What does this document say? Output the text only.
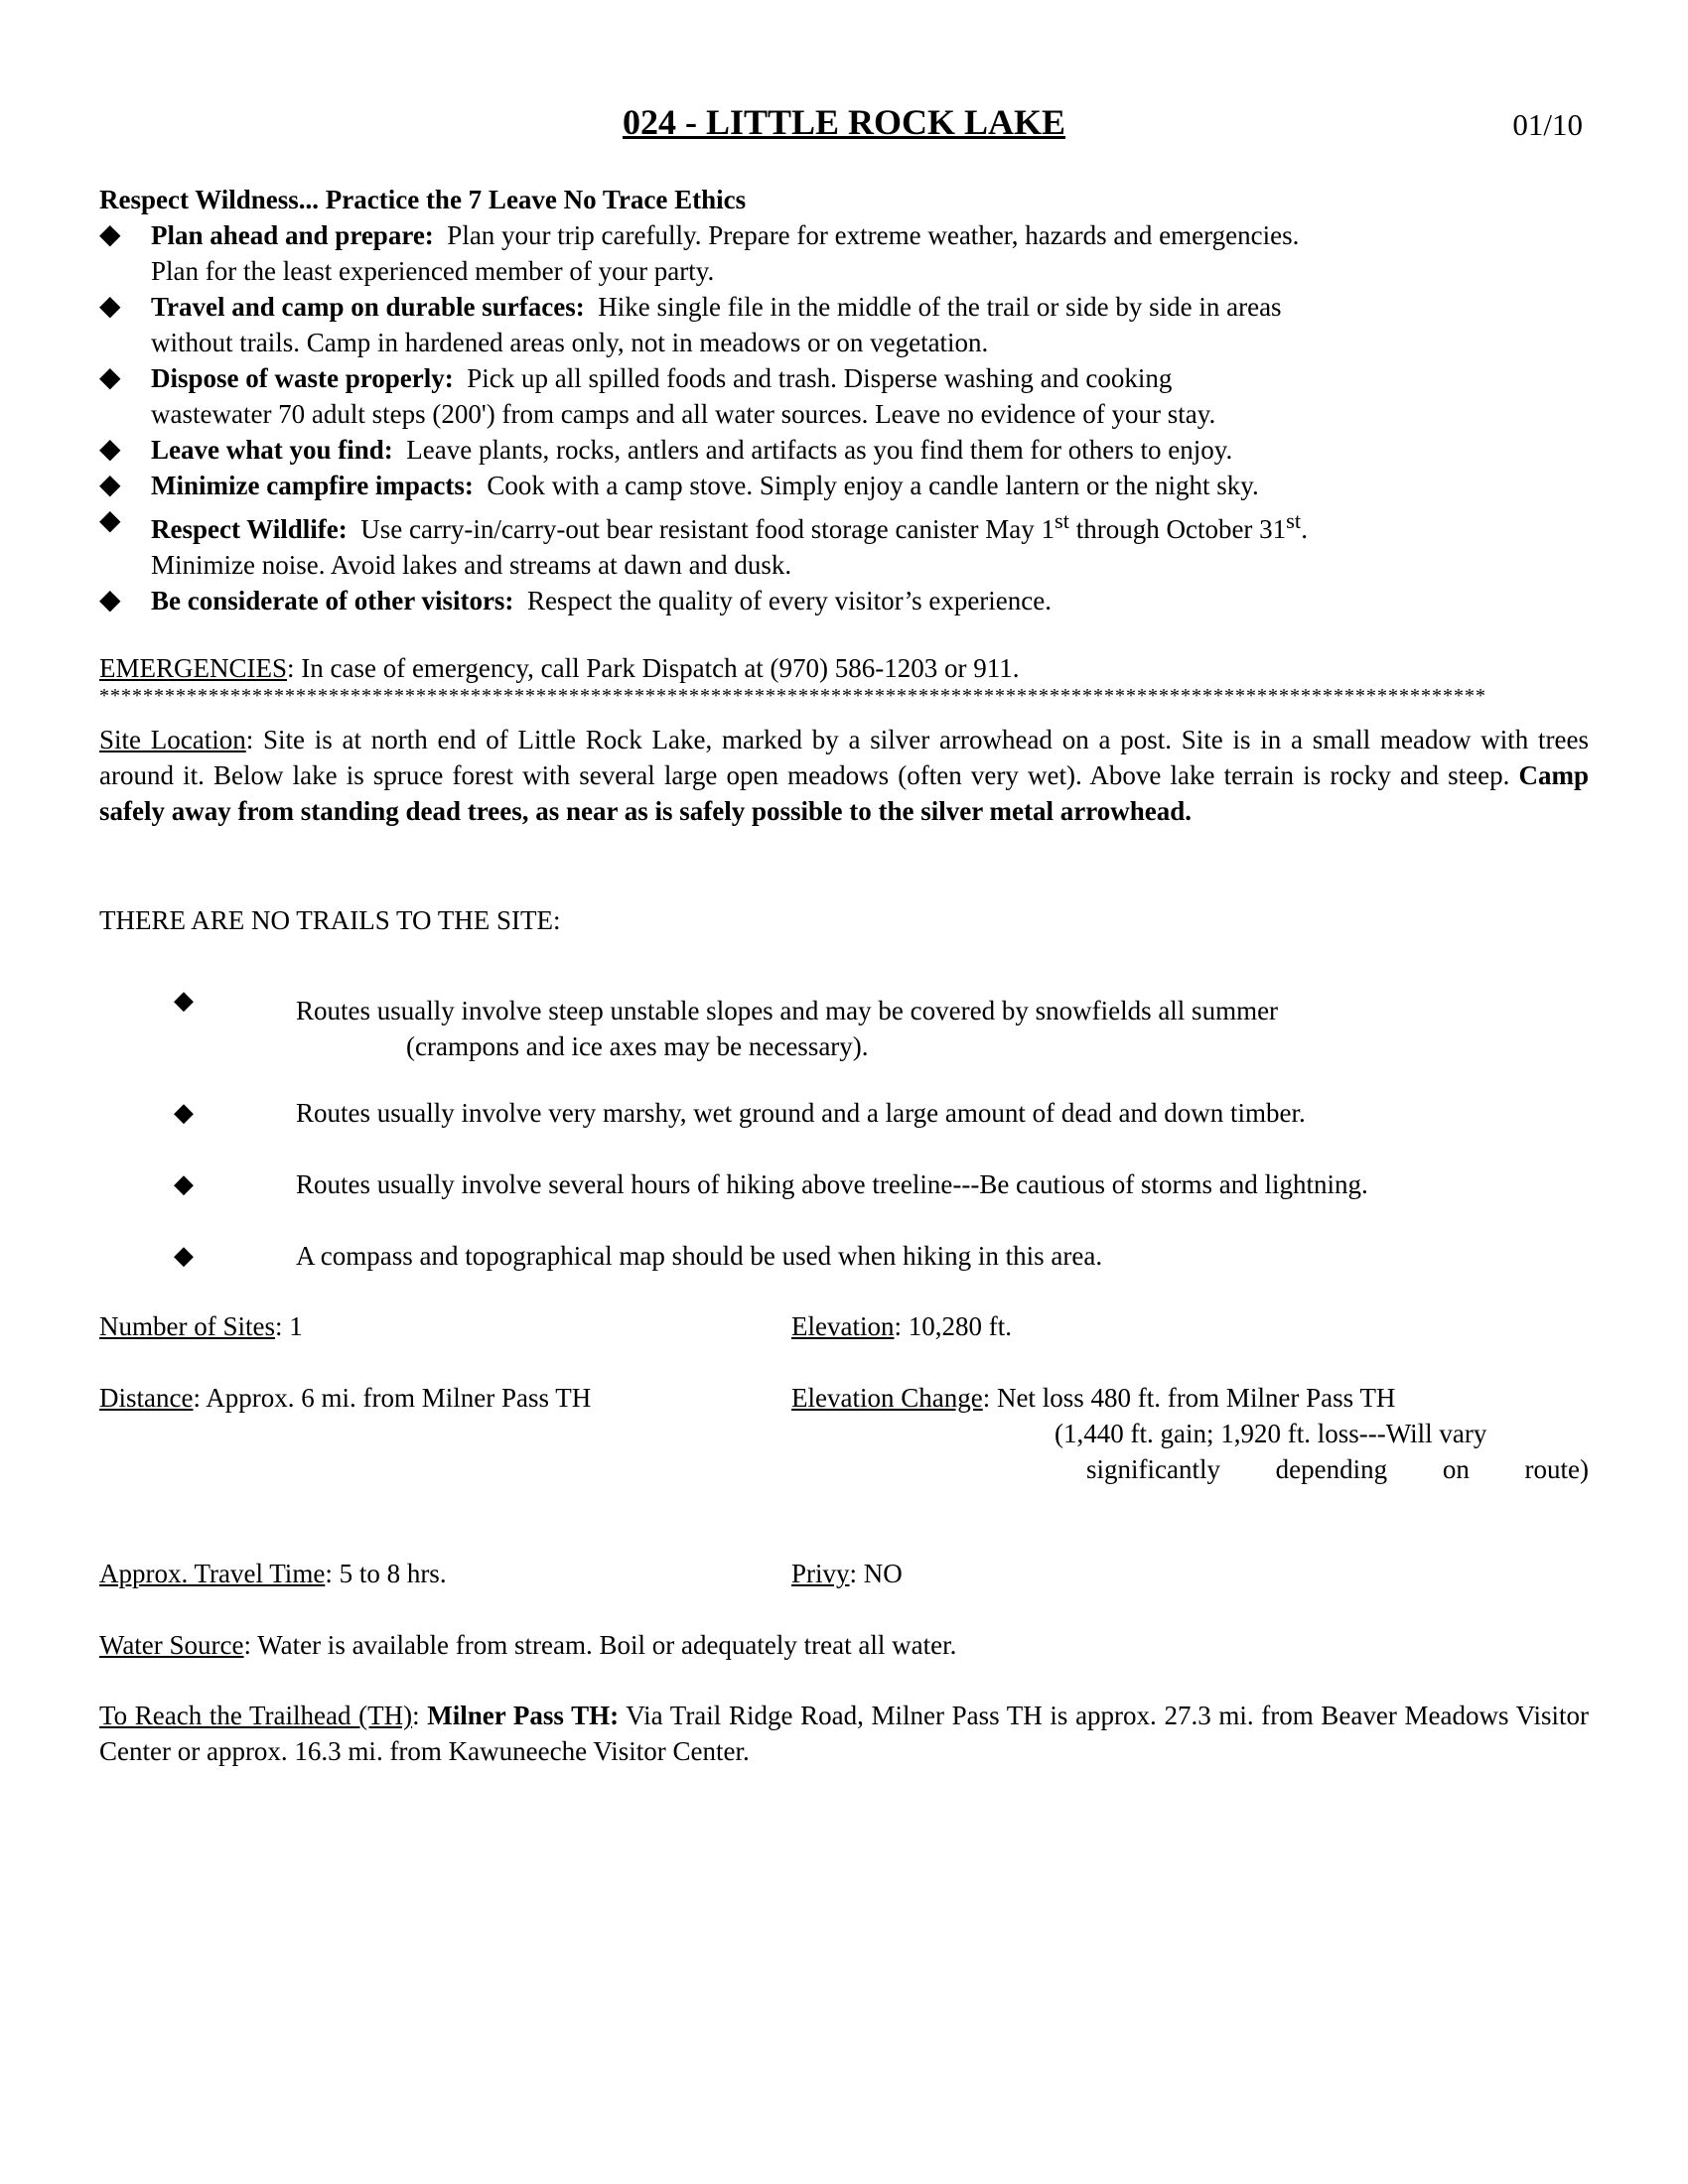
024 - LITTLE ROCK LAKE	01/10
Respect Wildness... Practice the 7 Leave No Trace Ethics
◆ Plan ahead and prepare: Plan your trip carefully. Prepare for extreme weather, hazards and emergencies.
Plan for the least experienced member of your party.
◆ Travel and camp on durable surfaces: Hike single file in the middle of the trail or side by side in areas
without trails. Camp in hardened areas only, not in meadows or on vegetation.
◆ Dispose of waste properly: Pick up all spilled foods and trash. Disperse washing and cooking
wastewater 70 adult steps (200') from camps and all water sources. Leave no evidence of your stay.
◆ Leave what you find: Leave plants, rocks, antlers and artifacts as you find them for others to enjoy.
◆ Minimize campfire impacts: Cook with a camp stove. Simply enjoy a candle lantern or the night sky.
◆ Respect Wildlife: Use carry-in/carry-out bear resistant food storage canister May 1st through October 31st.
Minimize noise. Avoid lakes and streams at dawn and dusk.
◆ Be considerate of other visitors: Respect the quality of every visitor’s experience.
EMERGENCIES: In case of emergency, call Park Dispatch at (970) 586-1203 or 911.
*******************************************************************************************************************************
Site Location: Site is at north end of Little Rock Lake, marked by a silver arrowhead on a post. Site is in a small meadow with trees around it. Below lake is spruce forest with several large open meadows (often very wet). Above lake terrain is rocky and steep. Camp safely away from standing dead trees, as near as is safely possible to the silver metal arrowhead.
THERE ARE NO TRAILS TO THE SITE:
◆	Routes usually involve steep unstable slopes and may be covered by snowfields all summer
(crampons and ice axes may be necessary).
◆	Routes usually involve very marshy, wet ground and a large amount of dead and down timber.
◆	Routes usually involve several hours of hiking above treeline---Be cautious of storms and lightning.
◆	A compass and topographical map should be used when hiking in this area.
Number of Sites: 1	Elevation: 10,280 ft.
Distance: Approx. 6 mi. from Milner Pass TH	Elevation Change: Net loss 480 ft. from Milner Pass TH
(1,440 ft. gain; 1,920 ft. loss---Will vary
significantly depending on route)
Approx. Travel Time: 5 to 8 hrs.	Privy: NO
Water Source: Water is available from stream. Boil or adequately treat all water.
To Reach the Trailhead (TH): Milner Pass TH: Via Trail Ridge Road, Milner Pass TH is approx. 27.3 mi. from Beaver Meadows Visitor Center or approx. 16.3 mi. from Kawuneeche Visitor Center.
